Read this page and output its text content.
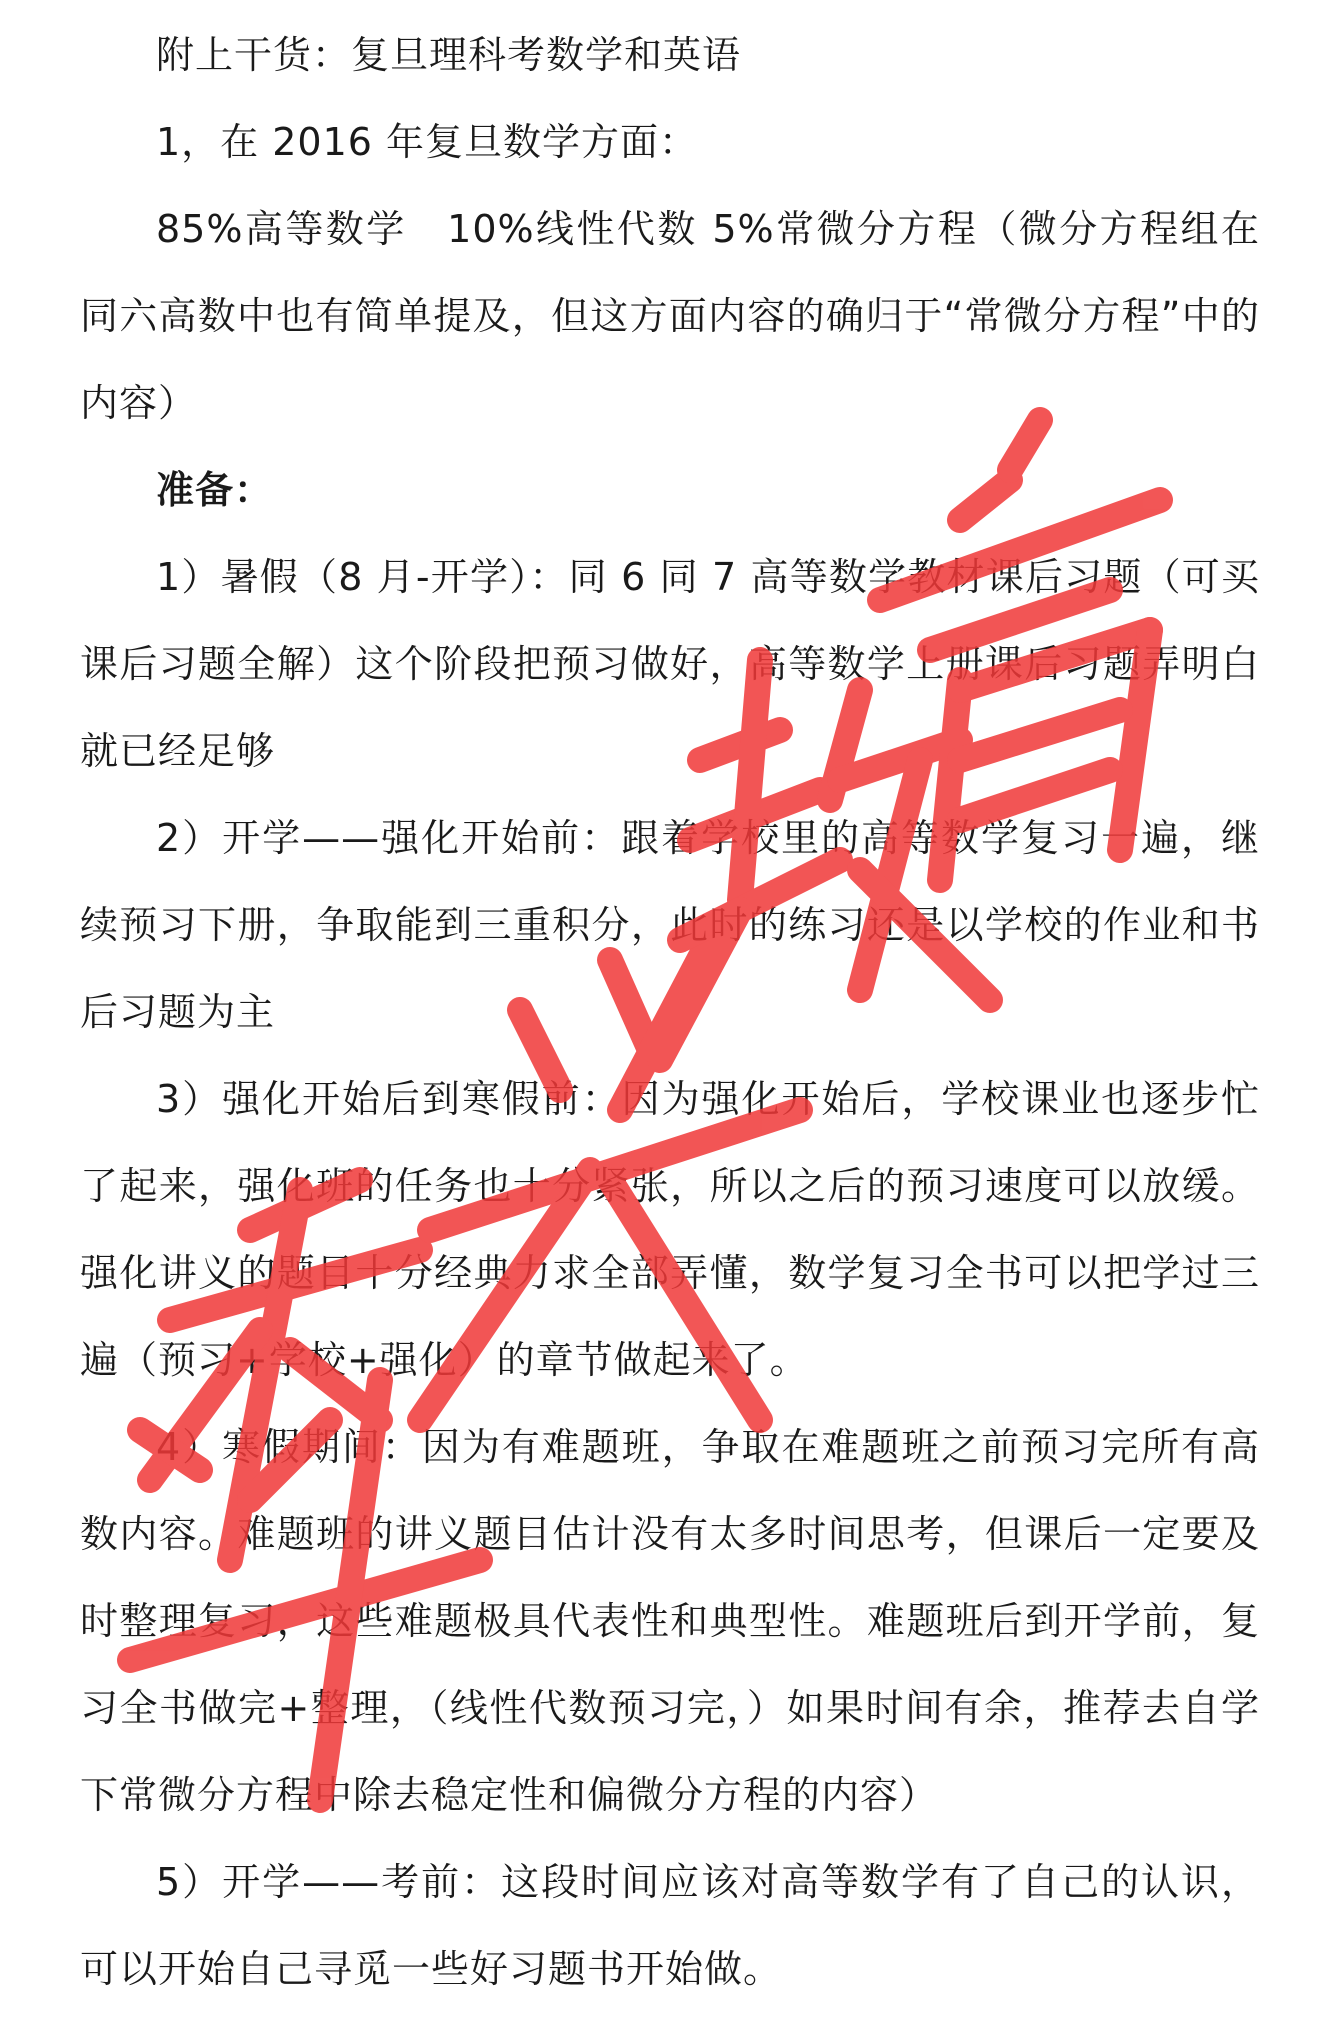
附上干货：复旦理科考数学和英语

1，在 2016 年复旦数学方面：

85%高等数学　10%线性代数 5%常微分方程（微分方程组在同六高数中也有简单提及，但这方面内容的确归于“常微分方程”中的内容）

准备：

1）暑假（8 月-开学）：同 6 同 7 高等数学教材课后习题（可买课后习题全解）这个阶段把预习做好，高等数学上册课后习题弄明白就已经足够

2）开学——强化开始前：跟着学校里的高等数学复习一遍，继续预习下册，争取能到三重积分，此时的练习还是以学校的作业和书后习题为主

3）强化开始后到寒假前：因为强化开始后，学校课业也逐步忙了起来，强化班的任务也十分紧张，所以之后的预习速度可以放缓。强化讲义的题目十分经典力求全部弄懂，数学复习全书可以把学过三遍（预习+学校+强化）的章节做起来了。

4）寒假期间：因为有难题班，争取在难题班之前预习完所有高数内容。难题班的讲义题目估计没有太多时间思考，但课后一定要及时整理复习，这些难题极具代表性和典型性。难题班后到开学前，复习全书做完+整理，（线性代数预习完，）如果时间有余，推荐去自学下常微分方程中除去稳定性和偏微分方程的内容）

5）开学——考前：这段时间应该对高等数学有了自己的认识，可以开始自己寻觅一些好习题书开始做。
